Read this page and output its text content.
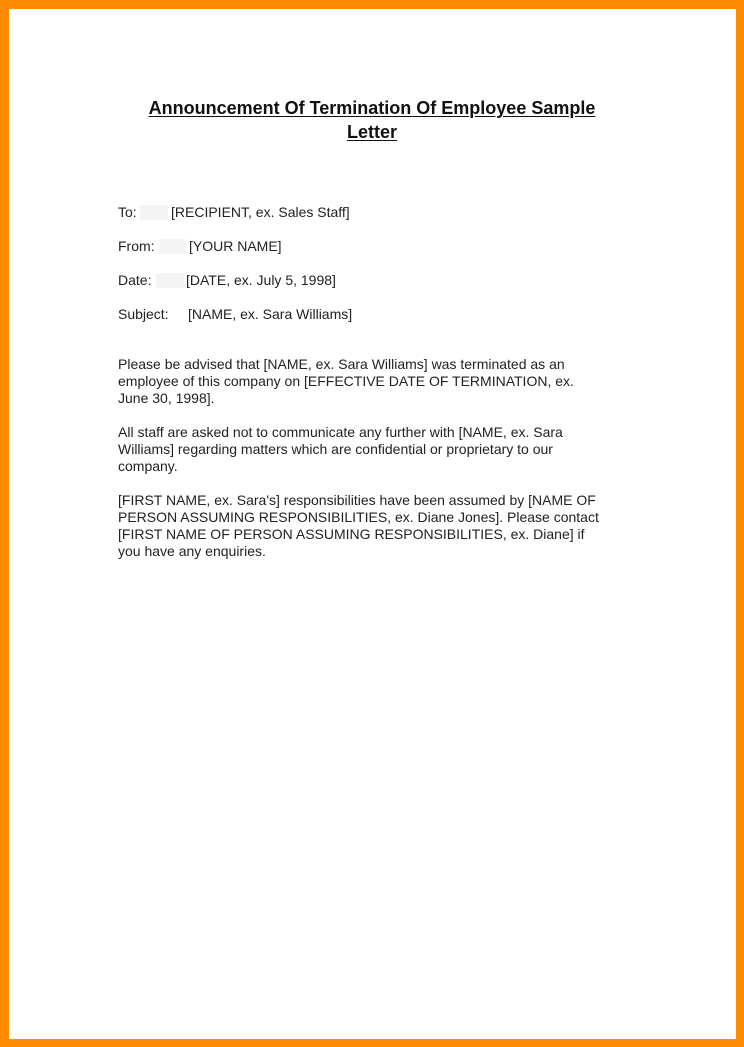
Announcement Of Termination Of Employee Sample
Letter
To: [RECIPIENT, ex. Sales Staff]
From: [YOUR NAME]
Date: [DATE, ex. July 5, 1998]
Subject: [NAME, ex. Sara Williams]
Please be advised that [NAME, ex. Sara Williams] was terminated as an
employee of this company on [EFFECTIVE DATE OF TERMINATION, ex.
June 30, 1998].
All staff are asked not to communicate any further with [NAME, ex. Sara
Williams] regarding matters which are confidential or proprietary to our
company.
[FIRST NAME, ex. Sara's] responsibilities have been assumed by [NAME OF
PERSON ASSUMING RESPONSIBILITIES, ex. Diane Jones]. Please contact
[FIRST NAME OF PERSON ASSUMING RESPONSIBILITIES, ex. Diane] if
you have any enquiries.
